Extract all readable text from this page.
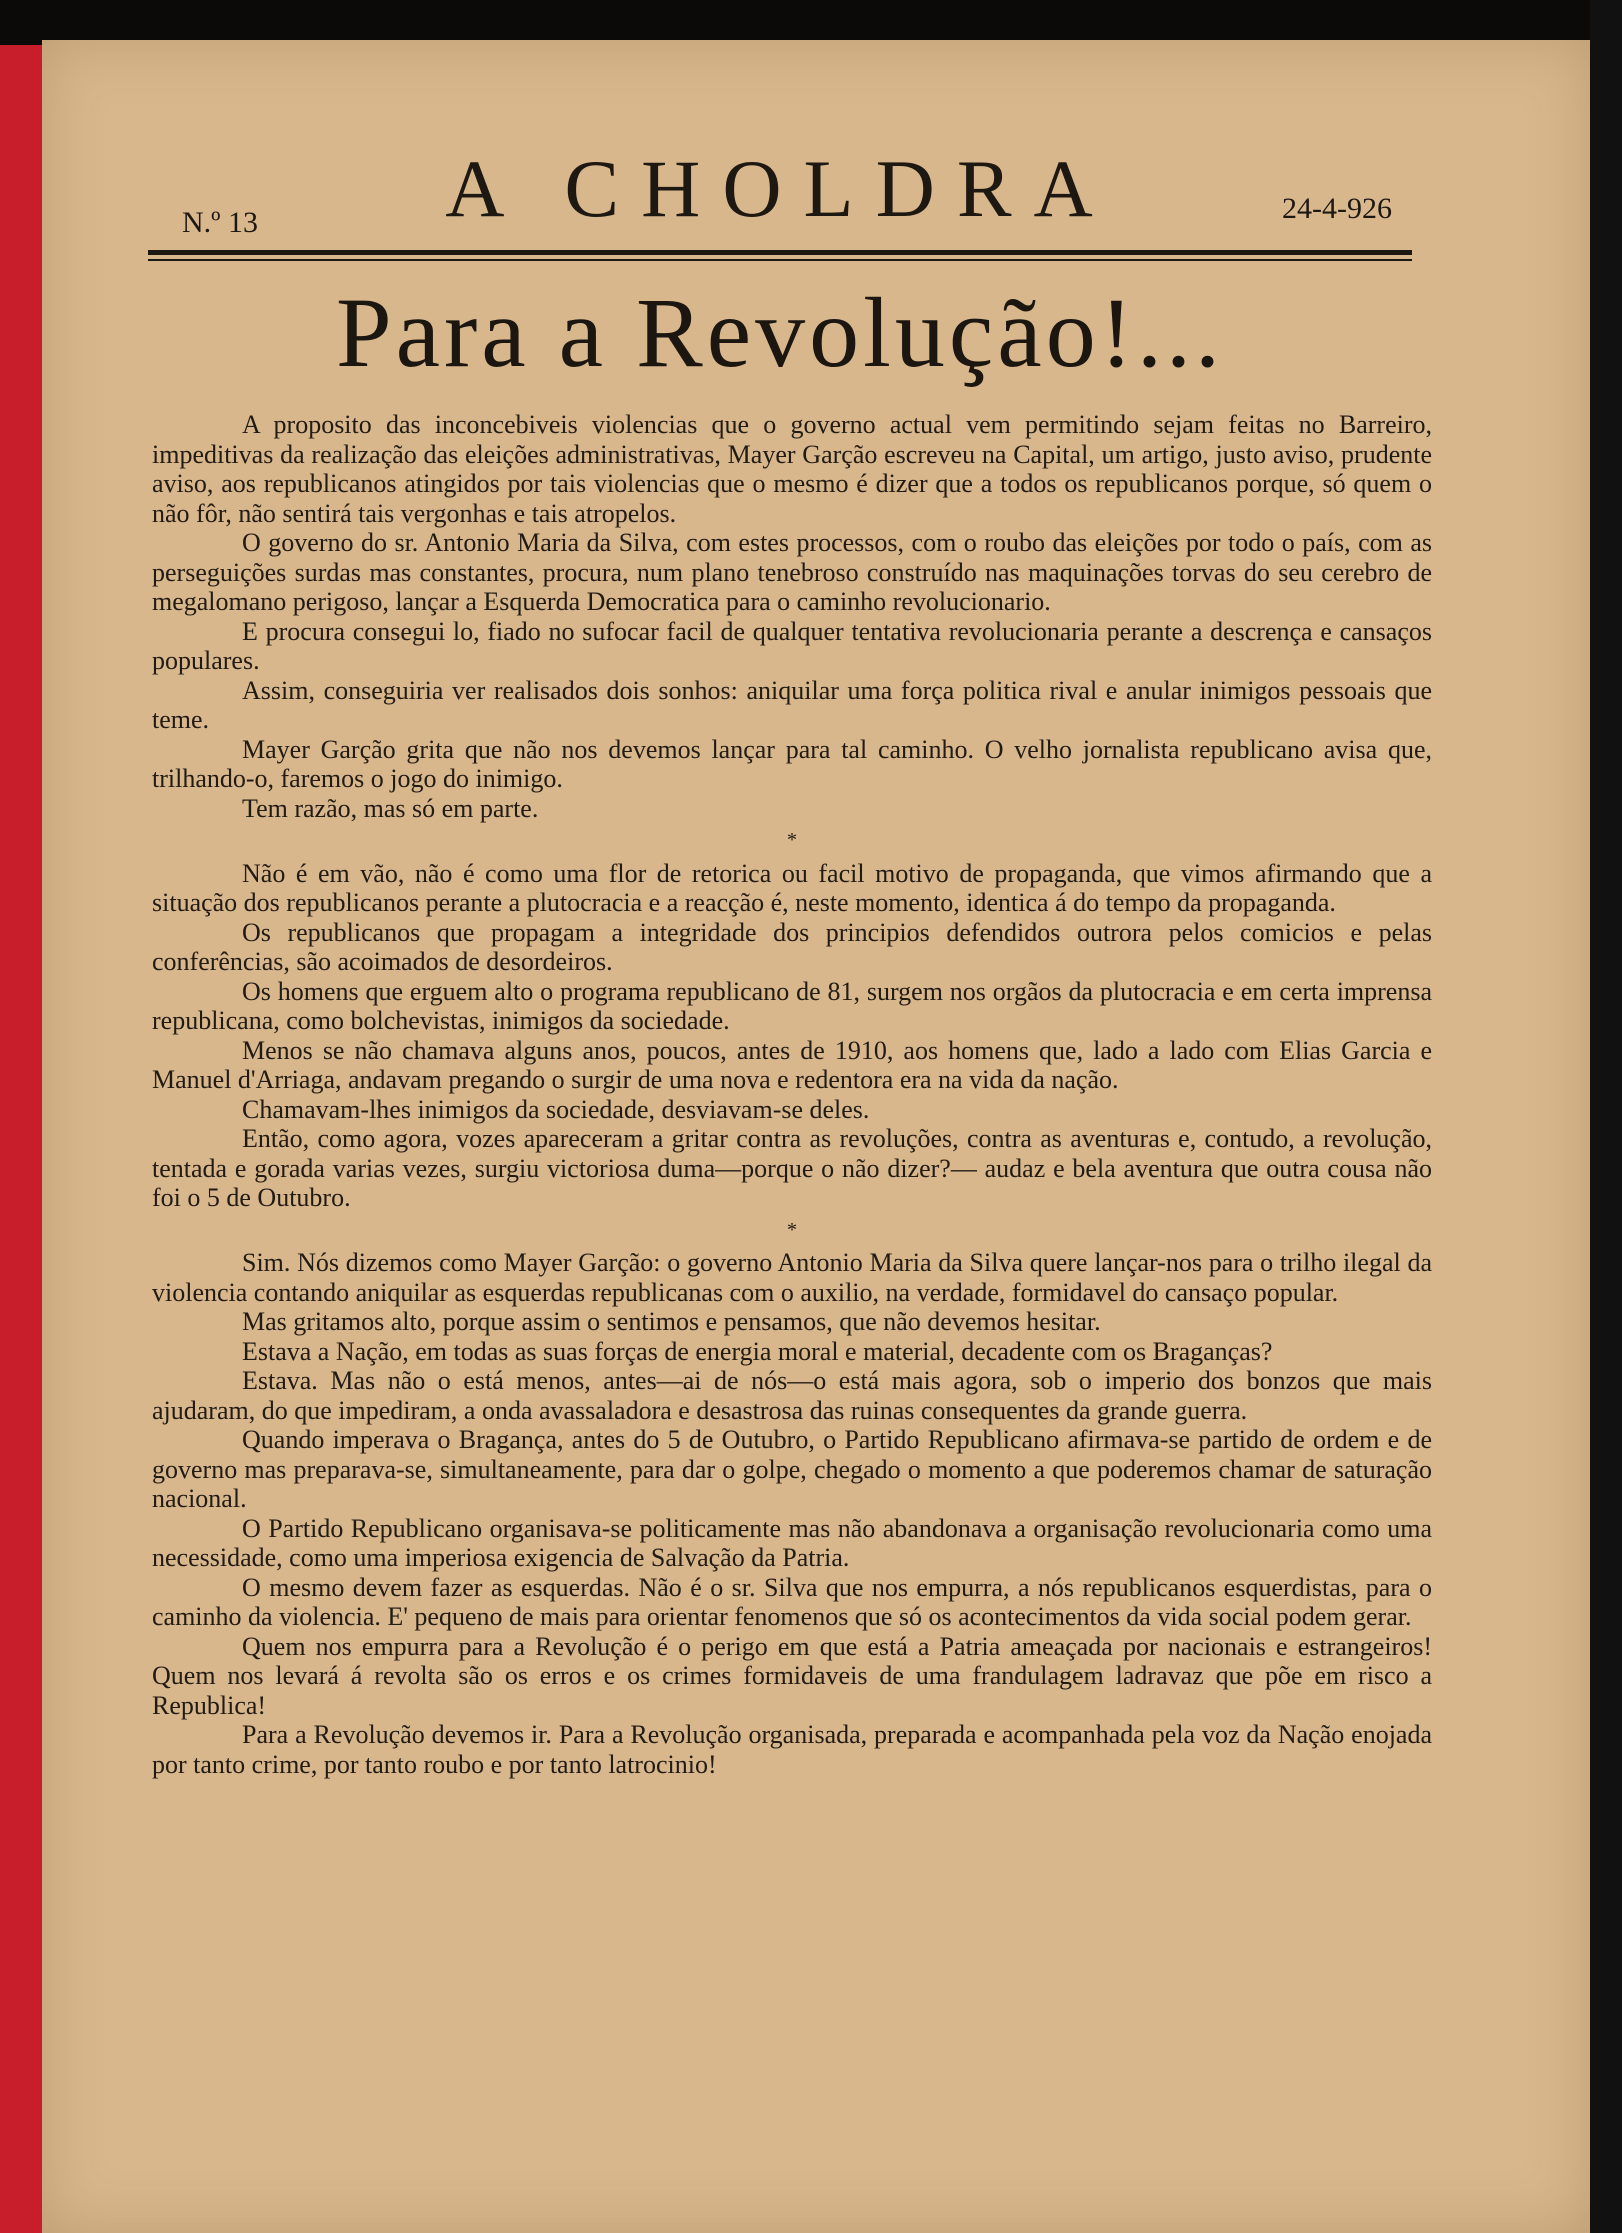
N.º 13	A CHOLDRA	24-4-926
Para a Revolução!...

A proposito das inconcebiveis violencias que o governo actual vem permitindo sejam feitas no Barreiro, impeditivas da realização das eleições administrativas, Mayer Garção escreveu na Capital, um artigo, justo aviso, prudente aviso, aos republicanos atingidos por tais violencias que o mesmo é dizer que a todos os republicanos porque, só quem o não fôr, não sentirá tais vergonhas e tais atropelos.

O governo do sr. Antonio Maria da Silva, com estes processos, com o roubo das eleições por todo o país, com as perseguições surdas mas constantes, procura, num plano tenebroso construído nas maquinações torvas do seu cerebro de megalomano perigoso, lançar a Esquerda Democratica para o caminho revolucionario.

E procura consegui lo, fiado no sufocar facil de qualquer tentativa revolucionaria perante a descrença e cansaços populares.

Assim, conseguiria ver realisados dois sonhos: aniquilar uma força politica rival e anular inimigos pessoais que teme.

Mayer Garção grita que não nos devemos lançar para tal caminho. O velho jornalista republicano avisa que, trilhando-o, faremos o jogo do inimigo.

Tem razão, mas só em parte.

*

Não é em vão, não é como uma flor de retorica ou facil motivo de propaganda, que vimos afirmando que a situação dos republicanos perante a plutocracia e a reacção é, neste momento, identica á do tempo da propaganda.

Os republicanos que propagam a integridade dos principios defendidos outrora pelos comicios e pelas conferências, são acoimados de desordeiros.

Os homens que erguem alto o programa republicano de 81, surgem nos orgãos da plutocracia e em certa imprensa republicana, como bolchevistas, inimigos da sociedade.

Menos se não chamava alguns anos, poucos, antes de 1910, aos homens que, lado a lado com Elias Garcia e Manuel d'Arriaga, andavam pregando o surgir de uma nova e redentora era na vida da nação.

Chamavam-lhes inimigos da sociedade, desviavam-se deles.

Então, como agora, vozes apareceram a gritar contra as revoluções, contra as aventuras e, contudo, a revolução, tentada e gorada varias vezes, surgiu victoriosa duma—porque o não dizer?— audaz e bela aventura que outra cousa não foi o 5 de Outubro.

*

Sim. Nós dizemos como Mayer Garção: o governo Antonio Maria da Silva quere lançar-nos para o trilho ilegal da violencia contando aniquilar as esquerdas republicanas com o auxilio, na verdade, formidavel do cansaço popular.

Mas gritamos alto, porque assim o sentimos e pensamos, que não devemos hesitar.

Estava a Nação, em todas as suas forças de energia moral e material, decadente com os Braganças?

Estava. Mas não o está menos, antes—ai de nós—o está mais agora, sob o imperio dos bonzos que mais ajudaram, do que impediram, a onda avassaladora e desastrosa das ruinas consequentes da grande guerra.

Quando imperava o Bragança, antes do 5 de Outubro, o Partido Republicano afirmava-se partido de ordem e de governo mas preparava-se, simultaneamente, para dar o golpe, chegado o momento a que poderemos chamar de saturação nacional.

O Partido Republicano organisava-se politicamente mas não abandonava a organisação revolucionaria como uma necessidade, como uma imperiosa exigencia de Salvação da Patria.

O mesmo devem fazer as esquerdas. Não é o sr. Silva que nos empurra, a nós republicanos esquerdistas, para o caminho da violencia. E' pequeno de mais para orientar fenomenos que só os acontecimentos da vida social podem gerar.

Quem nos empurra para a Revolução é o perigo em que está a Patria ameaçada por nacionais e estrangeiros! Quem nos levará á revolta são os erros e os crimes formidaveis de uma frandulagem ladravaz que põe em risco a Republica!

Para a Revolução devemos ir. Para a Revolução organisada, preparada e acompanhada pela voz da Nação enojada por tanto crime, por tanto roubo e por tanto latrocinio!
